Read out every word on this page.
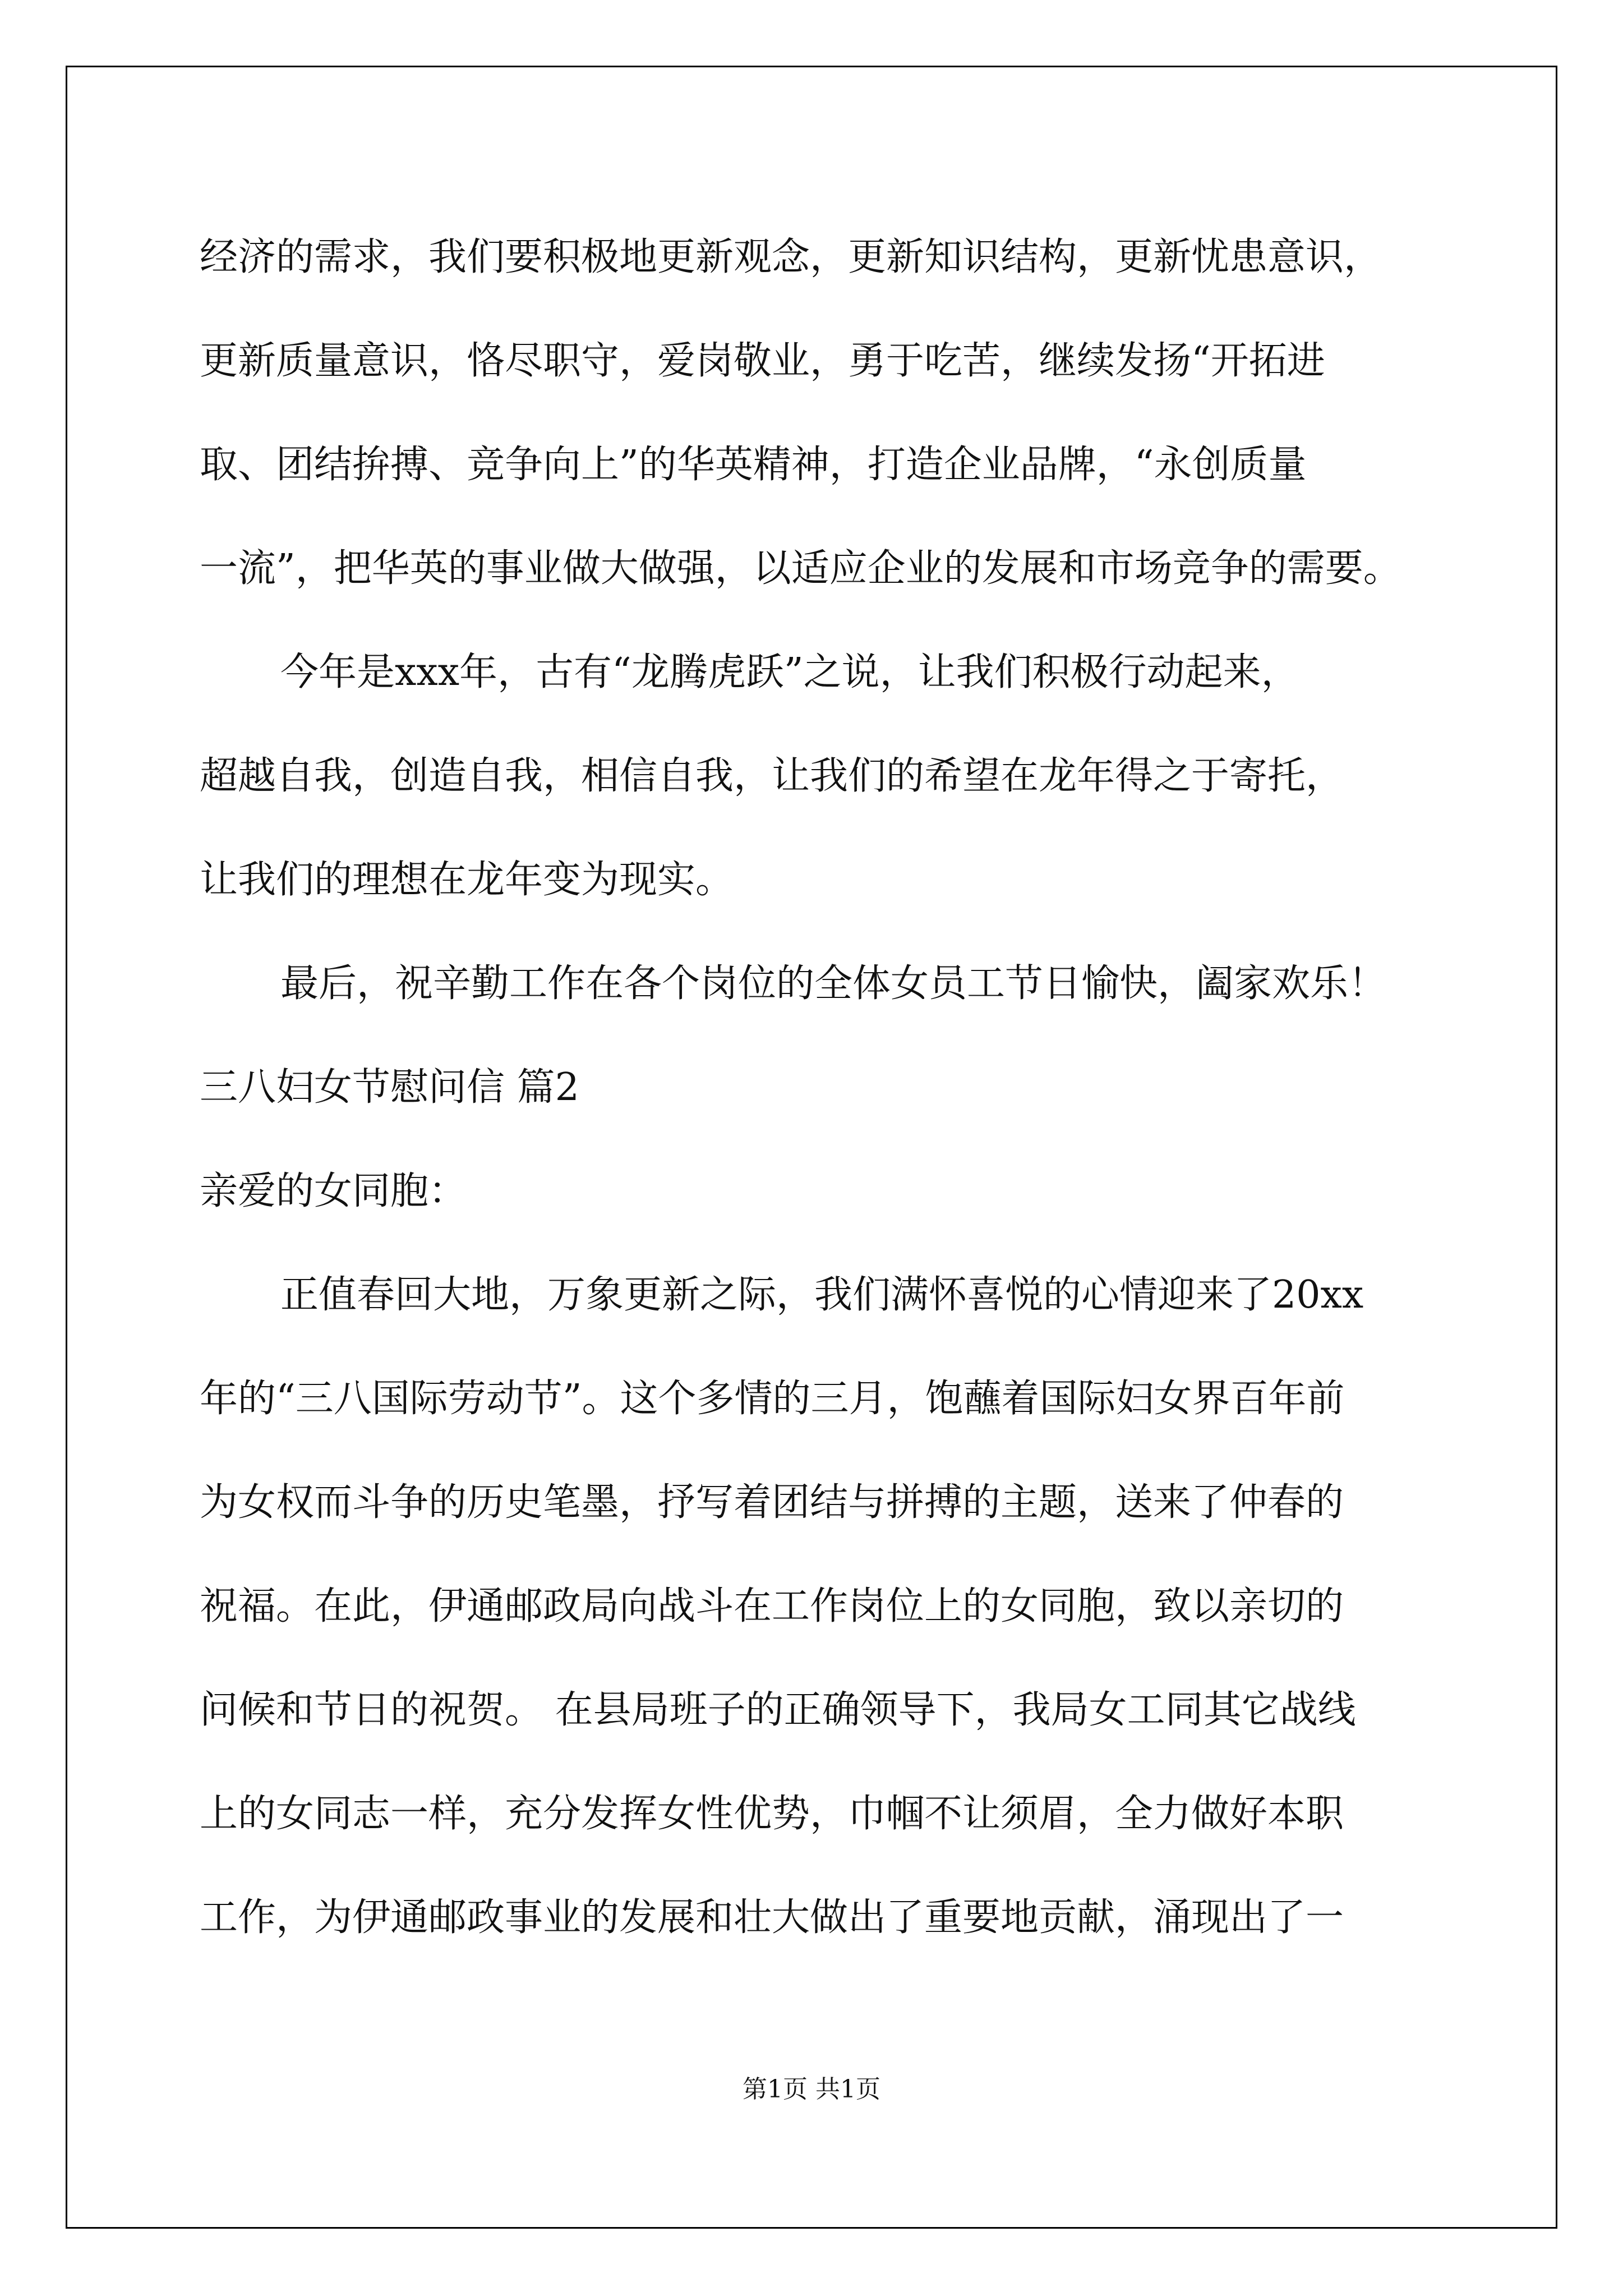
经济的需求，我们要积极地更新观念，更新知识结构，更新忧患意识，
更新质量意识，恪尽职守，爱岗敬业，勇于吃苦，继续发扬“开拓进
取、团结拚搏、竞争向上”的华英精神，打造企业品牌，“永创质量
一流”，把华英的事业做大做强，以适应企业的发展和市场竞争的需要。
今年是xxx年，古有“龙腾虎跃”之说，让我们积极行动起来，
超越自我，创造自我，相信自我，让我们的希望在龙年得之于寄托，
让我们的理想在龙年变为现实。
最后，祝辛勤工作在各个岗位的全体女员工节日愉快，阖家欢乐！
三八妇女节慰问信 篇2
亲爱的女同胞：
正值春回大地，万象更新之际，我们满怀喜悦的心情迎来了20xx
年的“三八国际劳动节”。这个多情的三月，饱蘸着国际妇女界百年前
为女权而斗争的历史笔墨，抒写着团结与拼搏的主题，送来了仲春的
祝福。在此，伊通邮政局向战斗在工作岗位上的女同胞，致以亲切的
问候和节日的祝贺。 在县局班子的正确领导下，我局女工同其它战线
上的女同志一样，充分发挥女性优势，巾帼不让须眉，全力做好本职
工作，为伊通邮政事业的发展和壮大做出了重要地贡献，涌现出了一
第1页 共1页
